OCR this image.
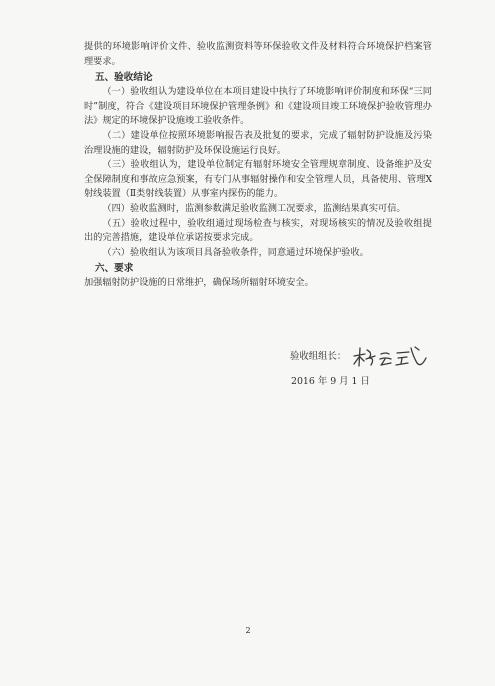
提供的环境影响评价文件、验收监测资料等环保验收文件及材料符合环境保护档案管理要求。

五、验收结论

（一）验收组认为建设单位在本项目建设中执行了环境影响评价制度和环保“三同时”制度，符合《建设项目环境保护管理条例》和《建设项目竣工环境保护验收管理办法》规定的环境保护设施竣工验收条件。

（二）建设单位按照环境影响报告表及批复的要求，完成了辐射防护设施及污染治理设施的建设，辐射防护及环保设施运行良好。

（三）验收组认为，建设单位制定有辐射环境安全管理规章制度、设备维护及安全保障制度和事故应急预案，有专门从事辐射操作和安全管理人员，具备使用、管理X射线装置（Ⅱ类射线装置）从事室内探伤的能力。

（四）验收监测时，监测参数满足验收监测工况要求，监测结果真实可信。

（五）验收过程中，验收组通过现场检查与核实，对现场核实的情况及验收组提出的完善措施，建设单位承诺按要求完成。

（六）验收组认为该项目具备验收条件，同意通过环境保护验收。

六、要求

加强辐射防护设施的日常维护，确保场所辐射环境安全。

验收组组长：
2016 年 9 月 1 日
2
